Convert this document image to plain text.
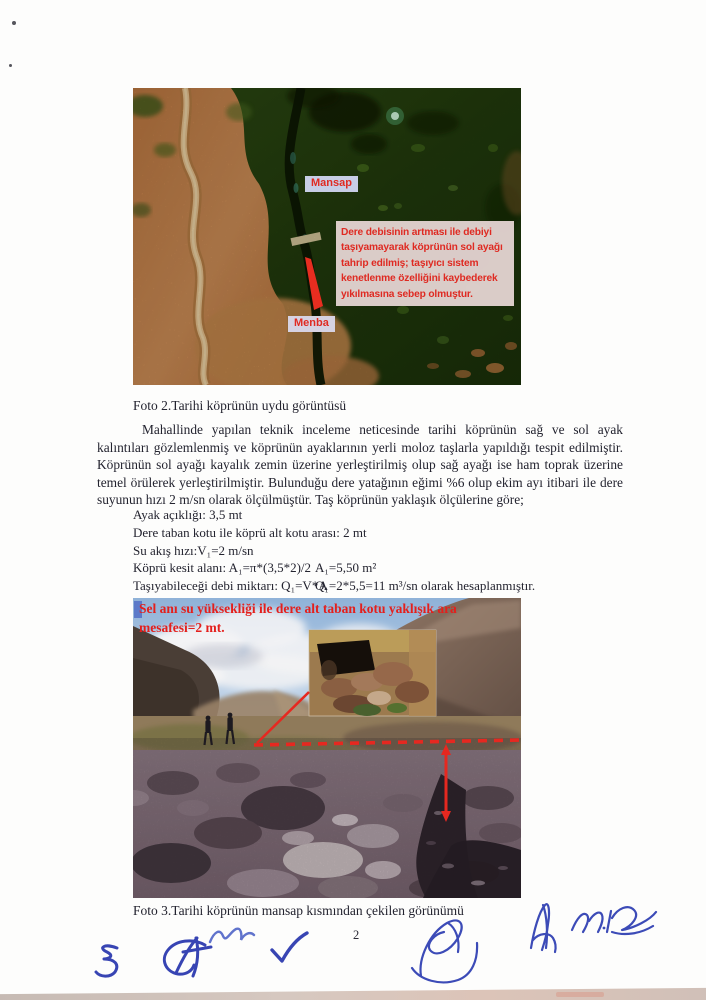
Mansap
Dere debisinin artması ile debiyi taşıyamayarak köprünün sol ayağı tahrip edilmiş; taşıyıcı sistem kenetlenme özelliğini kaybederek yıkılmasına sebep olmuştur.
Menba
Foto 2.Tarihi köprünün uydu görüntüsü
Mahallinde yapılan teknik inceleme neticesinde tarihi köprünün sağ ve sol ayak kalıntıları gözlemlenmiş ve köprünün ayaklarının yerli moloz taşlarla yapıldığı tespit edilmiştir. Köprünün sol ayağı kayalık zemin üzerine yerleştirilmiş olup sağ ayağı ise ham toprak üzerine temel örülerek yerleştirilmiştir. Bulunduğu dere yatağının eğimi %6 olup ekim ayı itibari ile dere suyunun hızı 2 m/sn olarak ölçülmüştür. Taş köprünün yaklaşık ölçülerine göre;
Ayak açıklığı: 3,5 mt
Dere taban kotu ile köprü alt kotu arası: 2 mt
Su akış hızı:V₁=2 m/sn
Köprü kesit alanı: A₁=π*(3,5*2)/2 A₁=5,50 m²
Taşıyabileceği debi miktarı: Q₁=V*A
Q₁=2*5,5=11 m³/sn olarak hesaplanmıştır.
Sel anı su yüksekliği ile dere alt taban kotu yaklışık ara mesafesi=2 mt.
Foto 3.Tarihi köprünün mansap kısmından çekilen görünümü
2
